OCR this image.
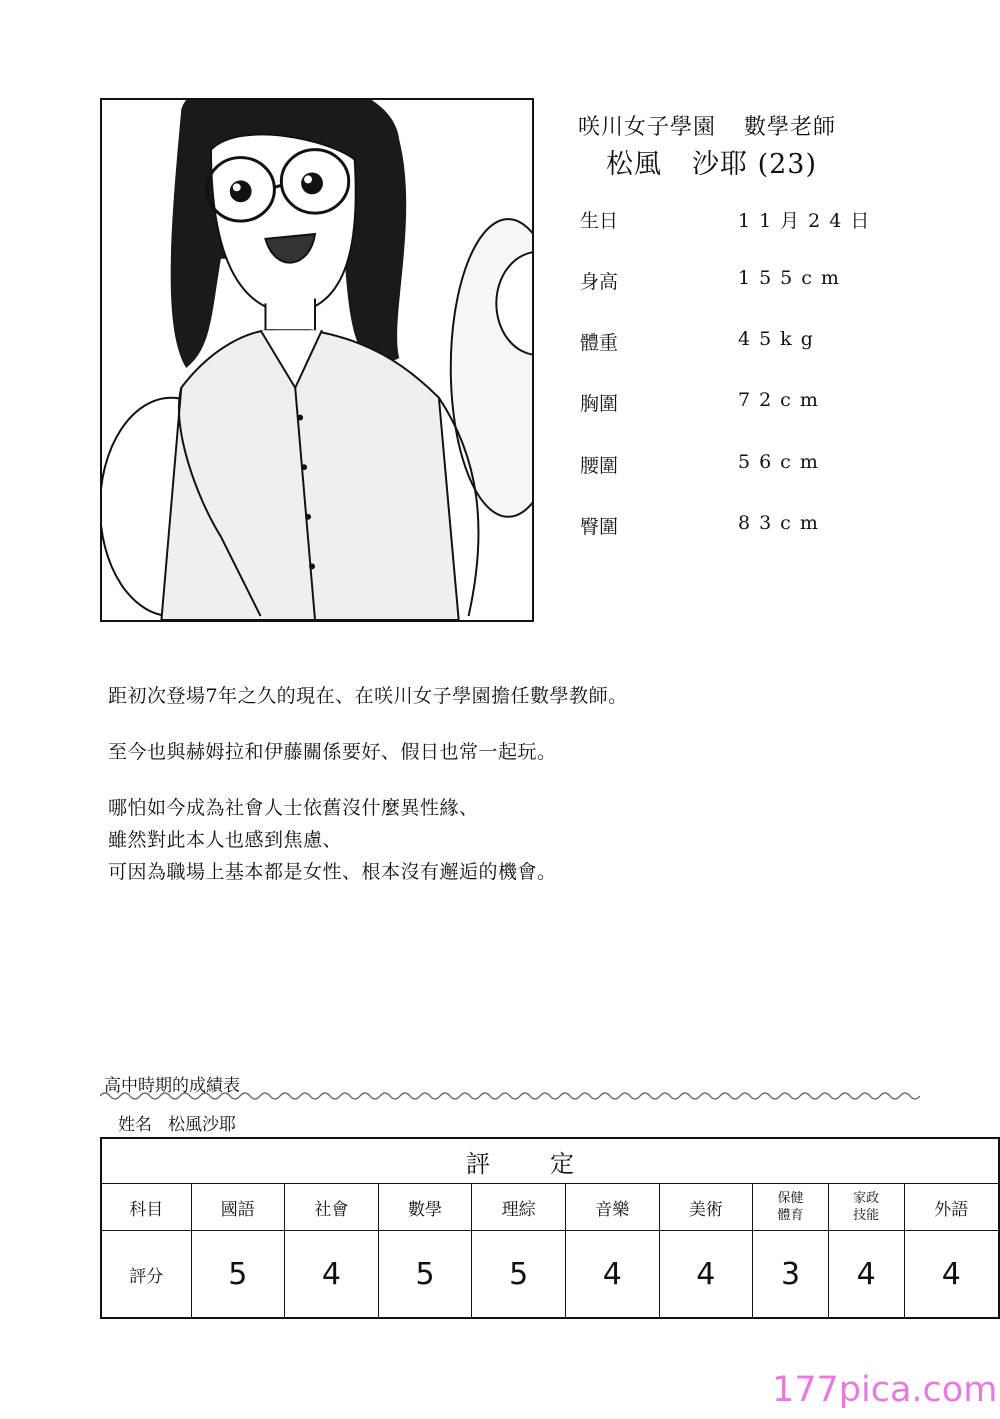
咲川女子學園 數學老師
松風 沙耶 (23)
生日	11月24日
身高	155cm
體重	45kg
胸圍	72cm
腰圍	56cm
臀圍	83cm
距初次登場7年之久的現在、在咲川女子學園擔任數學教師。
至今也與赫姆拉和伊藤關係要好、假日也常一起玩。
哪怕如今成為社會人士依舊沒什麼異性緣、
雖然對此本人也感到焦慮、
可因為職場上基本都是女性、根本沒有邂逅的機會。
高中時期的成績表
姓名 松風沙耶
評定									
科目	國語	社會	數學	理綜	音樂	美術	保健體育	家政技能	外語
評分	5	4	5	5	4	4	3	4	4
177pica.com
